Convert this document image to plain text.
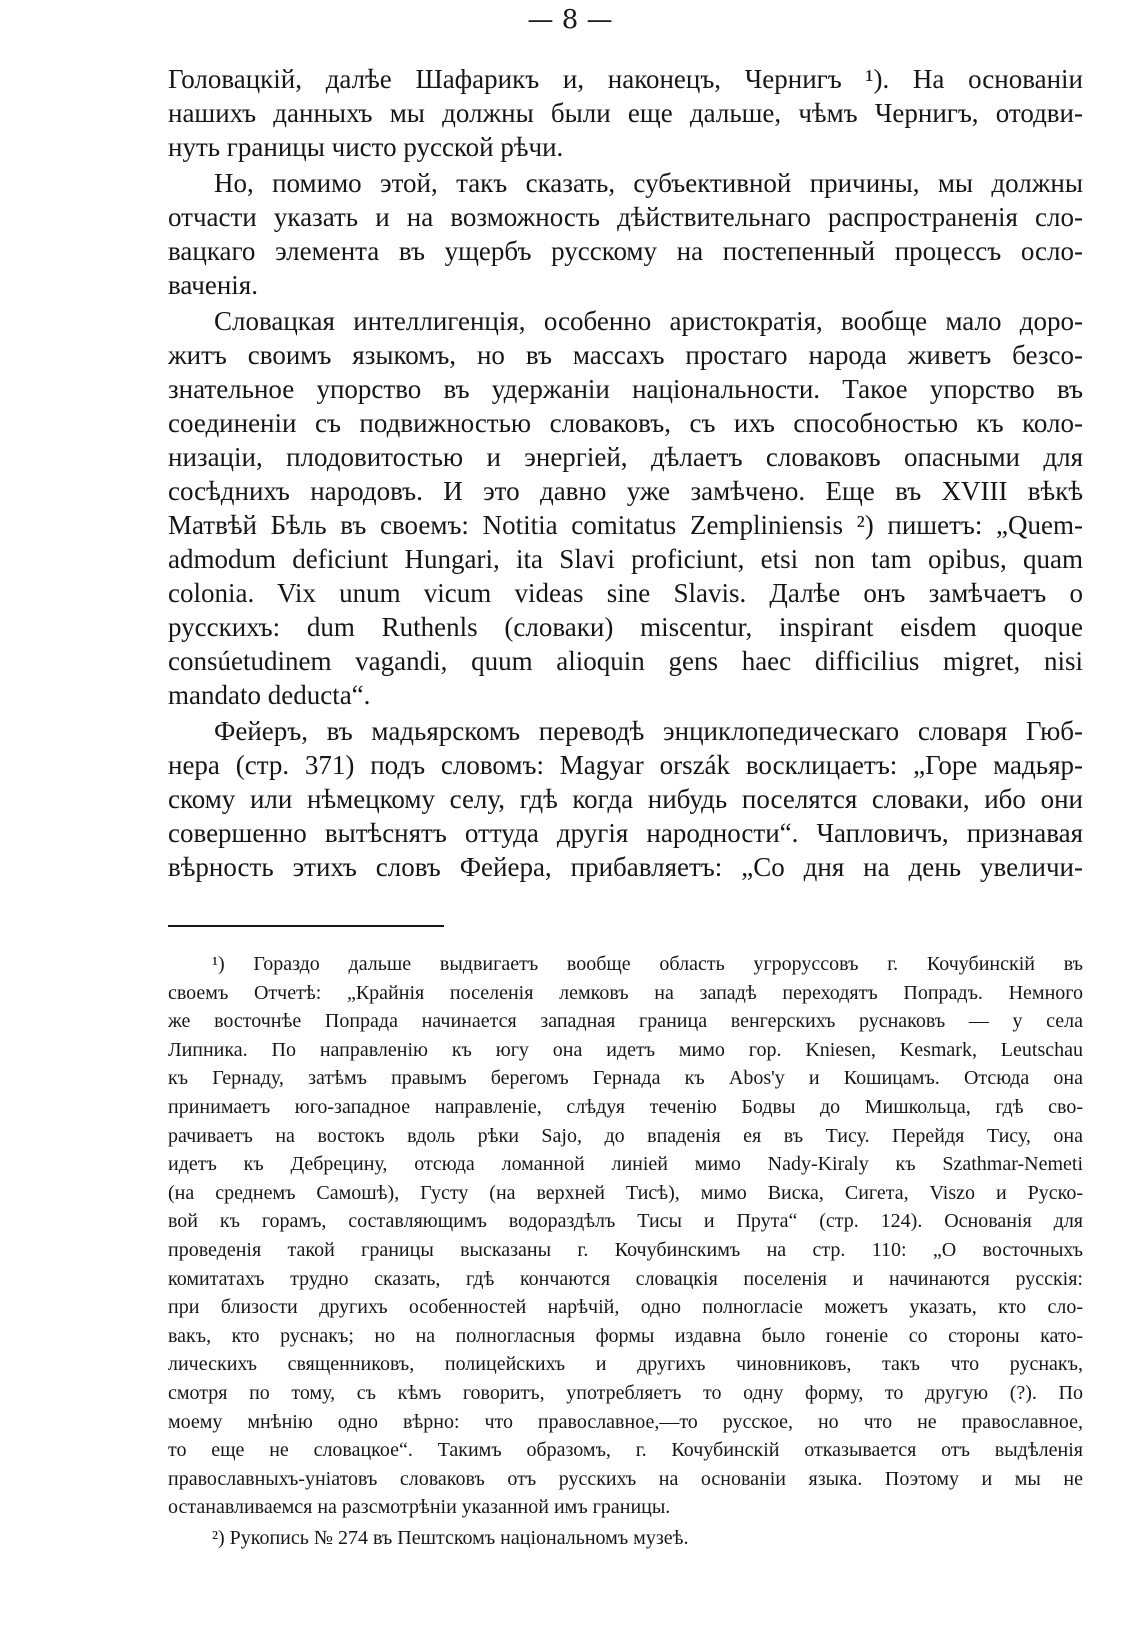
— 8 —
Головацкій, далѣе Шафарикъ и, наконецъ, Чернигъ ¹). На основаніи
нашихъ данныхъ мы должны были еще дальше, чѣмъ Чернигъ, отодви-
нуть границы чисто русской рѣчи.
Но, помимо этой, такъ сказать, субъективной причины, мы должны
отчасти указать и на возможность дѣйствительнаго распространенія сло-
вацкаго элемента въ ущербъ русскому на постепенный процессъ осло-
ваченія.
Словацкая интеллигенція, особенно аристократія, вообще мало доро-
житъ своимъ языкомъ, но въ массахъ простаго народа живетъ безсо-
знательное упорство въ удержаніи національности. Такое упорство въ
соединеніи съ подвижностью словаковъ, съ ихъ способностью къ коло-
низаціи, плодовитостью и энергіей, дѣлаетъ словаковъ опасными для
сосѣднихъ народовъ. И это давно уже замѣчено. Еще въ XVIII вѣкѣ
Матвѣй Бѣль въ своемъ: Notitia comitatus Zempliniensis ²) пишетъ: „Quem-
admodum deficiunt Hungari, ita Slavi proficiunt, etsi non tam opibus, quam
colonia. Vix unum vicum videas sine Slavis. Далѣе онъ замѣчаетъ о
русскихъ: dum Ruthenls (словаки) miscentur, inspirant eisdem quoque
consúetudinem vagandi, quum alioquin gens haec difficilius migret, nisi
mandato deducta“.
Фейеръ, въ мадьярскомъ переводѣ энциклопедическаго словаря Гюб-
нера (стр. 371) подъ словомъ: Magyar orszák восклицаетъ: „Горе мадьяр-
скому или нѣмецкому селу, гдѣ когда нибудь поселятся словаки, ибо они
совершенно вытѣснятъ оттуда другія народности“. Чапловичъ, признавая
вѣрность этихъ словъ Фейера, прибавляетъ: „Со дня на день увеличи-
¹) Гораздо дальше выдвигаетъ вообще область угрорусcовъ г. Кочубинскій въ
своемъ Отчетѣ: „Крайнія поселенія лемковъ на западѣ переходятъ Попрадъ. Немного
же восточнѣе Попрада начинается западная граница венгерскихъ руснаковъ — у села
Липника. По направленію къ югу она идетъ мимо гор. Kniesen, Kesmark, Leutschau
къ Гернаду, затѣмъ правымъ берегомъ Гернада къ Abos'у и Кошицамъ. Отсюда она
принимаетъ юго-западное направленіе, слѣдуя теченію Бодвы до Мишкольца, гдѣ сво-
рачиваетъ на востокъ вдоль рѣки Sajo, до впаденія ея въ Тису. Перейдя Тису, она
идетъ къ Дебрецину, отсюда ломанной линіей мимо Nady-Kiraly къ Szathmar-Nemeti
(на среднемъ Самошѣ), Густу (на верхней Тисѣ), мимо Виска, Сигета, Viszo и Руско-
вой къ горамъ, составляющимъ водораздѣлъ Тисы и Прута“ (стр. 124). Основанія для
проведенія такой границы высказаны г. Кочубинскимъ на стр. 110: „О восточныхъ
комитатахъ трудно сказать, гдѣ кончаются словацкія поселенія и начинаются русскія:
при близости другихъ особенностей нарѣчій, одно полногласіе можетъ указать, кто сло-
вакъ, кто руснакъ; но на полногласныя формы издавна было гоненіе со стороны като-
лическихъ священниковъ, полицейскихъ и другихъ чиновниковъ, такъ что руснакъ,
смотря по тому, съ кѣмъ говоритъ, употребляетъ то одну форму, то другую (?). По
моему мнѣнію одно вѣрно: что православное,—то русское, но что не православное,
то еще не словацкое“. Такимъ образомъ, г. Кочубинскій отказывается отъ выдѣленія
православныхъ-уніатовъ словаковъ отъ русскихъ на основаніи языка. Поэтому и мы не
останавливаемся на разсмотрѣніи указанной имъ границы.
²) Рукопись № 274 въ Пештскомъ національномъ музеѣ.
